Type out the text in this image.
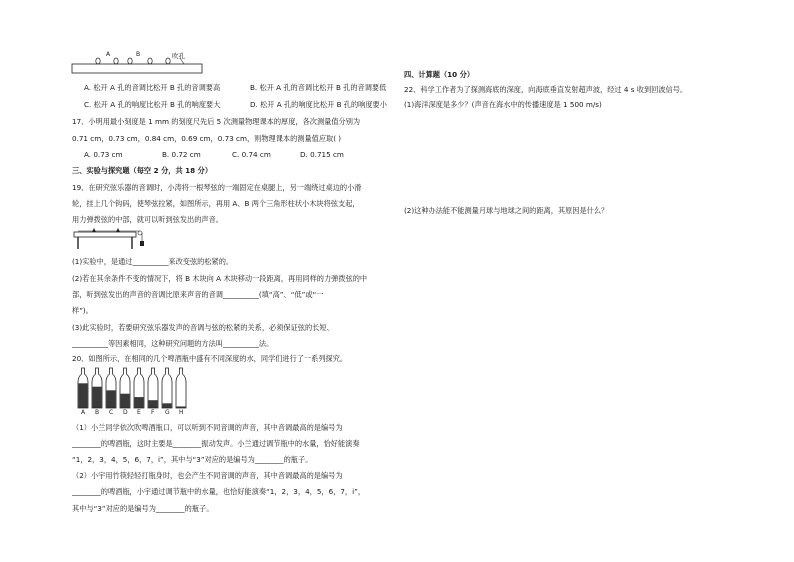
A	B	吹孔
A. 松开 A 孔的音调比松开 B 孔的音调要高	B. 松开 A 孔的音调比松开 B 孔的音调要低
C. 松开 A 孔的响度比松开 B 孔的响度要大	D. 松开 A 孔的响度比松开 B 孔的响度要小
17、小明用最小刻度是 1 mm 的刻度尺先后 5 次测量物理课本的厚度，各次测量值分别为
0.71 cm，0.73 cm，0.84 cm，0.69 cm，0.73 cm，则物理课本的测量值应取( )
A. 0.73 cm	B. 0.72 cm	C. 0.74 cm	D. 0.715 cm
三、实验与探究题（每空 2 分，共 18 分）
19、在研究弦乐器的音调时，小涛将一根琴弦的一端固定在桌腿上，另一端绕过桌边的小滑
轮，挂上几个钩码，使琴弦拉紧，如图所示，再用 A、B 两个三角形柱状小木块将弦支起，
用力弹拨弦的中部，就可以听到弦发出的声音。
(1)实验中，是通过__________来改变弦的松紧的。
(2)若在其余条件不变的情况下，将 B 木块向 A 木块移动一段距离，再用同样的力弹拨弦的中
部，听到弦发出的声音的音调比原来声音的音调__________(填“高”、“低”或“一
样”)。
(3)此实验时，若要研究弦乐器发声的音调与弦的松紧的关系，必须保证弦的长短、
__________等因素相同，这种研究问题的方法叫__________法。
20、如图所示，在相同的几个啤酒瓶中盛有不同深度的水，同学们进行了一系列探究。
A B C D E F G H
（1）小兰同学依次吹啤酒瓶口，可以听到不同音调的声音，其中音调最高的是编号为
________的啤酒瓶，这时主要是________振动发声。小兰通过调节瓶中的水量，恰好能演奏
“1，2，3，4，5，6，7，i”，其中与“3”对应的是编号为________的瓶子。
（2）小宇用竹筷轻轻打瓶身时，也会产生不同音调的声音，其中音调最高的是编号为
________的啤酒瓶，小宇通过调节瓶中的水量，也恰好能演奏“1，2，3，4，5，6，7，i”，
其中与“3”对应的是编号为________的瓶子。
四、计算题（10 分）
22、科学工作者为了探测海底的深度，向海底垂直发射超声波，经过 4 s 收到回波信号。
(1)海洋深度是多少？(声音在海水中的传播速度是 1 500 m/s)
(2)这种办法能不能测量月球与地球之间的距离，其原因是什么？
